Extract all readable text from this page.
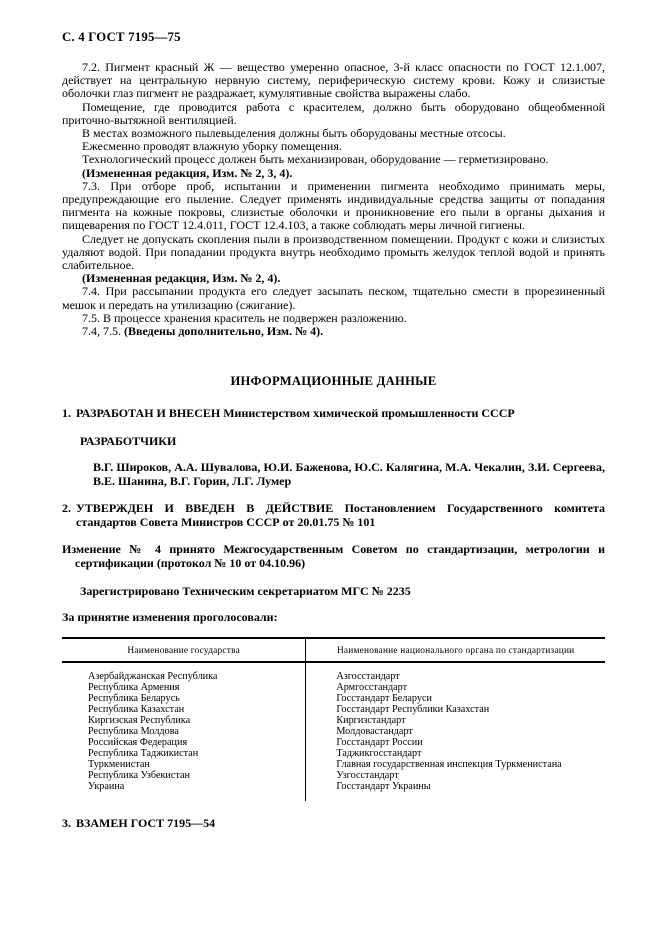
С. 4 ГОСТ 7195—75

7.2. Пигмент красный Ж — вещество умеренно опасное, 3-й класс опасности по ГОСТ 12.1.007, действует на центральную нервную систему, периферическую систему крови. Кожу и слизистые оболочки глаз пигмент не раздражает, кумулятивные свойства выражены слабо.

Помещение, где проводится работа с красителем, должно быть оборудовано общеобменной приточно-вытяжной вентиляцией.

В местах возможного пылевыделения должны быть оборудованы местные отсосы.

Ежесменно проводят влажную уборку помещения.

Технологический процесс должен быть механизирован, оборудование — герметизировано.

(Измененная редакция, Изм. № 2, 3, 4).

7.3. При отборе проб, испытании и применении пигмента необходимо принимать меры, предупреждающие его пыление. Следует применять индивидуальные средства защиты от попадания пигмента на кожные покровы, слизистые оболочки и проникновение его пыли в органы дыхания и пищеварения по ГОСТ 12.4.011, ГОСТ 12.4.103, а также соблюдать меры личной гигиены.

Следует не допускать скопления пыли в производственном помещении. Продукт с кожи и слизистых удаляют водой. При попадании продукта внутрь необходимо промыть желудок теплой водой и принять слабительное.

(Измененная редакция, Изм. № 2, 4).

7.4. При рассыпании продукта его следует засыпать песком, тщательно смести в прорезиненный мешок и передать на утилизацию (сжигание).

7.5. В процессе хранения краситель не подвержен разложению.

7.4, 7.5. (Введены дополнительно, Изм. № 4).

ИНФОРМАЦИОННЫЕ ДАННЫЕ
1. РАЗРАБОТАН И ВНЕСЕН Министерством химической промышленности СССР
РАЗРАБОТЧИКИ
В.Г. Широков, А.А. Шувалова, Ю.И. Баженова, Ю.С. Калягина, М.А. Чекалин, З.И. Сергеева, В.Е. Шанина, В.Г. Горин, Л.Г. Лумер
2. УТВЕРЖДЕН И ВВЕДЕН В ДЕЙСТВИЕ Постановлением Государственного комитета стандартов Совета Министров СССР от 20.01.75 № 101
Изменение № 4 принято Межгосударственным Советом по стандартизации, метрологии и сертификации (протокол № 10 от 04.10.96)
Зарегистрировано Техническим секретариатом МГС № 2235
За принятие изменения проголосовали:
Наименование государства	Наименование национального органа по стандартизации
Азербайджанская Республика
Республика Армения
Республика Беларусь
Республика Казахстан
Киргизская Республика
Республика Молдова
Российская Федерация
Республика Таджикистан
Туркменистан
Республика Узбекистан
Украина
Азгосстандарт
Армгосстандарт
Госстандарт Беларуси
Госстандарт Республики Казахстан
Киргизстандарт
Молдовастандарт
Госстандарт России
Таджикгосстандарт
Главная государственная инспекция Туркменистана
Узгосстандарт
Госстандарт Украины
3. ВЗАМЕН ГОСТ 7195—54
